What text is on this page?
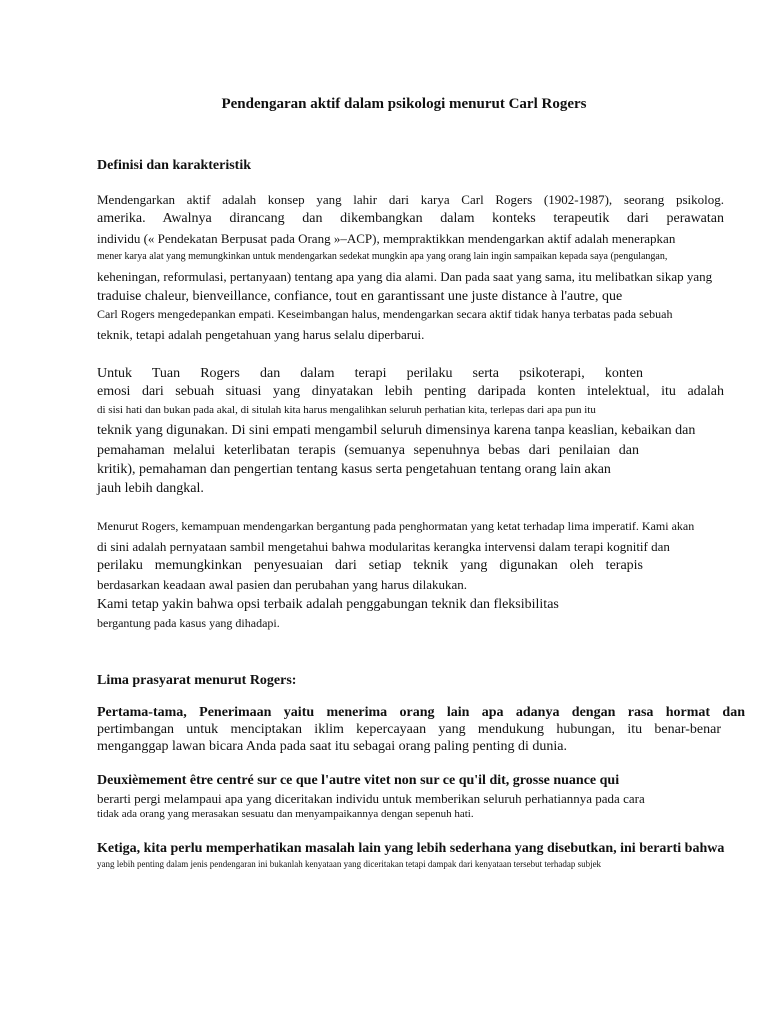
Pendengaran aktif dalam psikologi menurut Carl Rogers
Definisi dan karakteristik
Mendengarkan aktif adalah konsep yang lahir dari karya Carl Rogers (1902-1987), seorang psikolog.
amerika. Awalnya dirancang dan dikembangkan dalam konteks terapeutik dari perawatan
individu (« Pendekatan Berpusat pada Orang »–ACP), mempraktikkan mendengarkan aktif adalah menerapkan
mener karya alat yang memungkinkan untuk mendengarkan sedekat mungkin apa yang orang lain ingin sampaikan kepada saya (pengulangan,
keheningan, reformulasi, pertanyaan) tentang apa yang dia alami. Dan pada saat yang sama, itu melibatkan sikap yang
traduise chaleur, bienveillance, confiance, tout en garantissant une juste distance à l'autre, que
Carl Rogers mengedepankan empati. Keseimbangan halus, mendengarkan secara aktif tidak hanya terbatas pada sebuah
teknik, tetapi adalah pengetahuan yang harus selalu diperbarui.
Untuk Tuan Rogers dan dalam terapi perilaku serta psikoterapi, konten
emosi dari sebuah situasi yang dinyatakan lebih penting daripada konten intelektual, itu adalah
di sisi hati dan bukan pada akal, di situlah kita harus mengalihkan seluruh perhatian kita, terlepas dari apa pun itu
teknik yang digunakan. Di sini empati mengambil seluruh dimensinya karena tanpa keaslian, kebaikan dan
pemahaman melalui keterlibatan terapis (semuanya sepenuhnya bebas dari penilaian dan
kritik), pemahaman dan pengertian tentang kasus serta pengetahuan tentang orang lain akan
jauh lebih dangkal.
Menurut Rogers, kemampuan mendengarkan bergantung pada penghormatan yang ketat terhadap lima imperatif. Kami akan
di sini adalah pernyataan sambil mengetahui bahwa modularitas kerangka intervensi dalam terapi kognitif dan
perilaku memungkinkan penyesuaian dari setiap teknik yang digunakan oleh terapis
berdasarkan keadaan awal pasien dan perubahan yang harus dilakukan.
Kami tetap yakin bahwa opsi terbaik adalah penggabungan teknik dan fleksibilitas
bergantung pada kasus yang dihadapi.
Lima prasyarat menurut Rogers:
Pertama-tama, Penerimaan yaitu menerima orang lain apa adanya dengan rasa hormat dan
pertimbangan untuk menciptakan iklim kepercayaan yang mendukung hubungan, itu benar-benar
menganggap lawan bicara Anda pada saat itu sebagai orang paling penting di dunia.
Deuxièmement être centré sur ce que l'autre vitet non sur ce qu'il dit, grosse nuance qui
berarti pergi melampaui apa yang diceritakan individu untuk memberikan seluruh perhatiannya pada cara
tidak ada orang yang merasakan sesuatu dan menyampaikannya dengan sepenuh hati.
Ketiga, kita perlu memperhatikan masalah lain yang lebih sederhana yang disebutkan, ini berarti bahwa
yang lebih penting dalam jenis pendengaran ini bukanlah kenyataan yang diceritakan tetapi dampak dari kenyataan tersebut terhadap subjek
